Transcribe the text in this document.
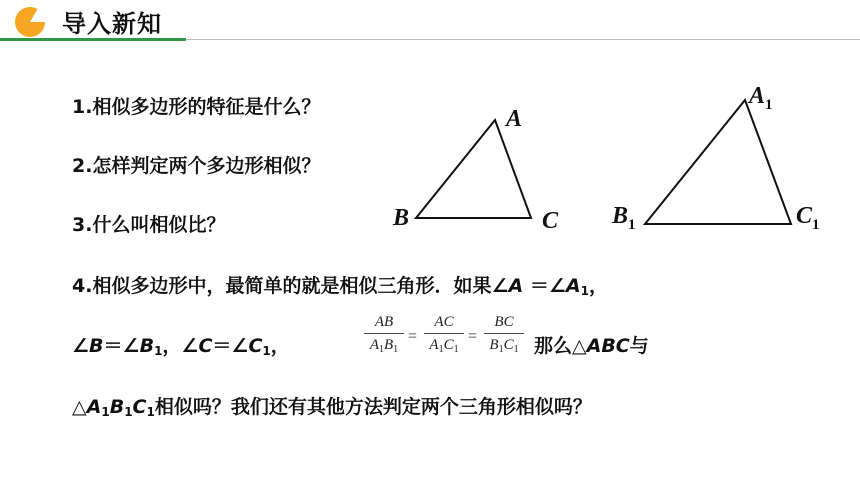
导入新知
1.相似多边形的特征是什么？
2.怎样判定两个多边形相似？
3.什么叫相似比？
A
B	C
$A_1$
$B_1$	$C_1$
4.相似多边形中，最简单的就是相似三角形．如果∠A $=\angle A_1$，
$\angle B=\angle B_1$，$\angle C=\angle C_1$，
AB
$A_1B_1$
=
AC
$A_1C_1$
=
BC
$B_1C_1$ 那么△ABC与
$\triangle A_1B_1C_1$相似吗？我们还有其他方法判定两个三角形相似吗？
